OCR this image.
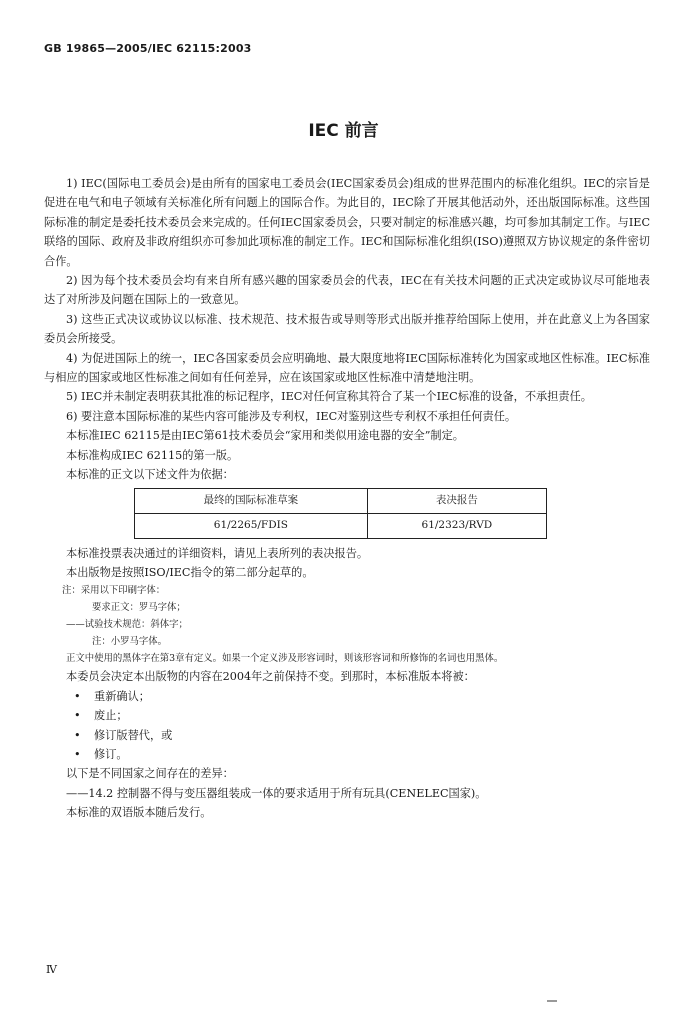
GB 19865—2005/IEC 62115:2003
IEC 前言

1) IEC(国际电工委员会)是由所有的国家电工委员会(IEC国家委员会)组成的世界范围内的标准化组织。IEC的宗旨是促进在电气和电子领域有关标准化所有问题上的国际合作。为此目的，IEC除了开展其他活动外，还出版国际标准。这些国际标准的制定是委托技术委员会来完成的。任何IEC国家委员会，只要对制定的标准感兴趣，均可参加其制定工作。与IEC联络的国际、政府及非政府组织亦可参加此项标准的制定工作。IEC和国际标准化组织(ISO)遵照双方协议规定的条件密切合作。

2) 因为每个技术委员会均有来自所有感兴趣的国家委员会的代表，IEC在有关技术问题的正式决定或协议尽可能地表达了对所涉及问题在国际上的一致意见。

3) 这些正式决议或协议以标准、技术规范、技术报告或导则等形式出版并推荐给国际上使用，并在此意义上为各国家委员会所接受。

4) 为促进国际上的统一，IEC各国家委员会应明确地、最大限度地将IEC国际标准转化为国家或地区性标准。IEC标准与相应的国家或地区性标准之间如有任何差异，应在该国家或地区性标准中清楚地注明。

5) IEC并未制定表明获其批准的标记程序，IEC对任何宣称其符合了某一个IEC标准的设备，不承担责任。

6) 要注意本国际标准的某些内容可能涉及专利权，IEC对鉴别这些专利权不承担任何责任。

本标准IEC 62115是由IEC第61技术委员会“家用和类似用途电器的安全”制定。

本标准构成IEC 62115的第一版。

本标准的正文以下述文件为依据：

最终的国际标准草案	表决报告
61/2265/FDIS	61/2323/RVD

本标准投票表决通过的详细资料，请见上表所列的表决报告。

本出版物是按照ISO/IEC指令的第二部分起草的。

注：采用以下印刷字体：
要求正文：罗马字体；
——试验技术规范：斜体字；
注：小罗马字体。
正文中使用的黑体字在第3章有定义。如果一个定义涉及形容词时，则该形容词和所修饰的名词也用黑体。

本委员会决定本出版物的内容在2004年之前保持不变。到那时，本标准版本将被：

• 重新确认；
• 废止；
• 修订版替代，或
• 修订。

以下是不同国家之间存在的差异：

——14.2 控制器不得与变压器组装成一体的要求适用于所有玩具(CENELEC国家)。

本标准的双语版本随后发行。

Ⅳ
